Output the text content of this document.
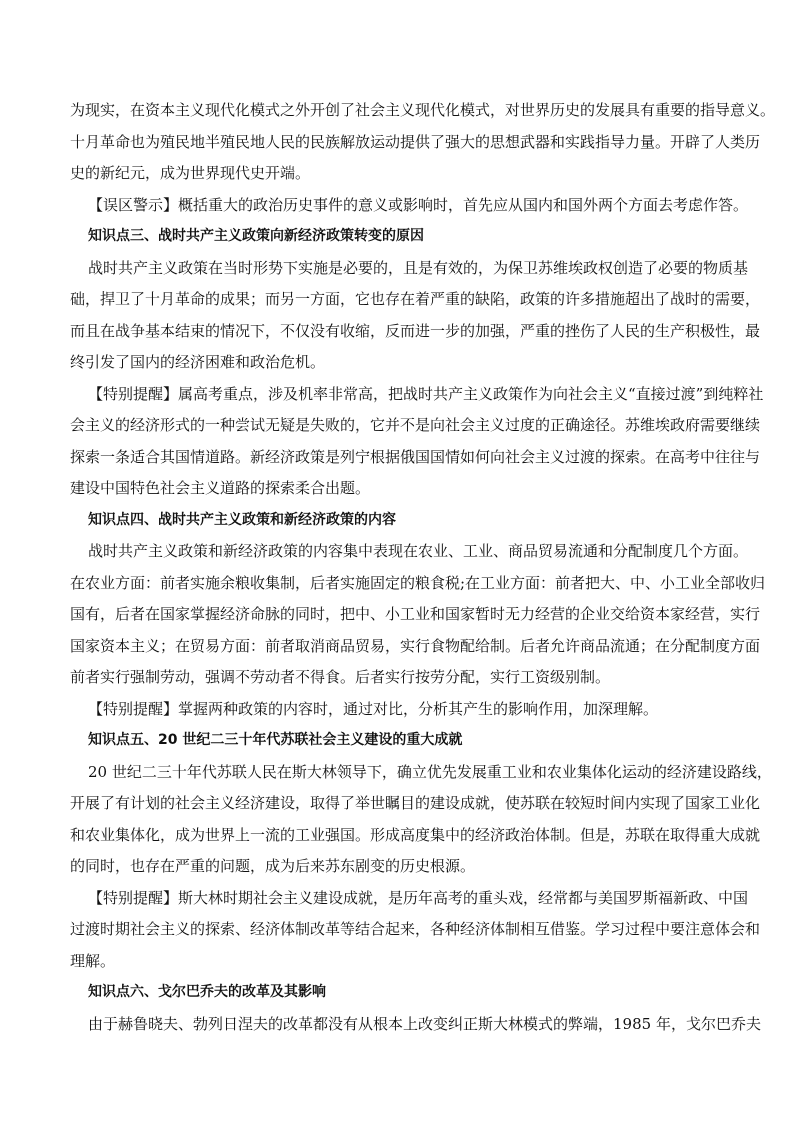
为现实，在资本主义现代化模式之外开创了社会主义现代化模式，对世界历史的发展具有重要的指导意义。
十月革命也为殖民地半殖民地人民的民族解放运动提供了强大的思想武器和实践指导力量。开辟了人类历
史的新纪元，成为世界现代史开端。
【误区警示】概括重大的政治历史事件的意义或影响时，首先应从国内和国外两个方面去考虑作答。
知识点三、战时共产主义政策向新经济政策转变的原因
战时共产主义政策在当时形势下实施是必要的，且是有效的，为保卫苏维埃政权创造了必要的物质基
础，捍卫了十月革命的成果；而另一方面，它也存在着严重的缺陷，政策的许多措施超出了战时的需要，
而且在战争基本结束的情况下，不仅没有收缩，反而进一步的加强，严重的挫伤了人民的生产积极性，最
终引发了国内的经济困难和政治危机。
【特别提醒】属高考重点，涉及机率非常高，把战时共产主义政策作为向社会主义“直接过渡”到纯粹社
会主义的经济形式的一种尝试无疑是失败的，它并不是向社会主义过度的正确途径。苏维埃政府需要继续
探索一条适合其国情道路。新经济政策是列宁根据俄国国情如何向社会主义过渡的探索。在高考中往往与
建设中国特色社会主义道路的探索柔合出题。
知识点四、战时共产主义政策和新经济政策的内容
战时共产主义政策和新经济政策的内容集中表现在农业、工业、商品贸易流通和分配制度几个方面。
在农业方面：前者实施余粮收集制，后者实施固定的粮食税;在工业方面：前者把大、中、小工业全部收归
国有，后者在国家掌握经济命脉的同时，把中、小工业和国家暂时无力经营的企业交给资本家经营，实行
国家资本主义；在贸易方面：前者取消商品贸易，实行食物配给制。后者允许商品流通；在分配制度方面
前者实行强制劳动，强调不劳动者不得食。后者实行按劳分配，实行工资级别制。
【特别提醒】掌握两种政策的内容时，通过对比，分析其产生的影响作用，加深理解。
知识点五、20 世纪二三十年代苏联社会主义建设的重大成就
20 世纪二三十年代苏联人民在斯大林领导下，确立优先发展重工业和农业集体化运动的经济建设路线，
开展了有计划的社会主义经济建设，取得了举世瞩目的建设成就，使苏联在较短时间内实现了国家工业化
和农业集体化，成为世界上一流的工业强国。形成高度集中的经济政治体制。但是，苏联在取得重大成就
的同时，也存在严重的问题，成为后来苏东剧变的历史根源。
【特别提醒】斯大林时期社会主义建设成就，是历年高考的重头戏，经常都与美国罗斯福新政、中国
过渡时期社会主义的探索、经济体制改革等结合起来，各种经济体制相互借鉴。学习过程中要注意体会和
理解。
知识点六、戈尔巴乔夫的改革及其影响
由于赫鲁晓夫、勃列日涅夫的改革都没有从根本上改变纠正斯大林模式的弊端，1985 年，戈尔巴乔夫
